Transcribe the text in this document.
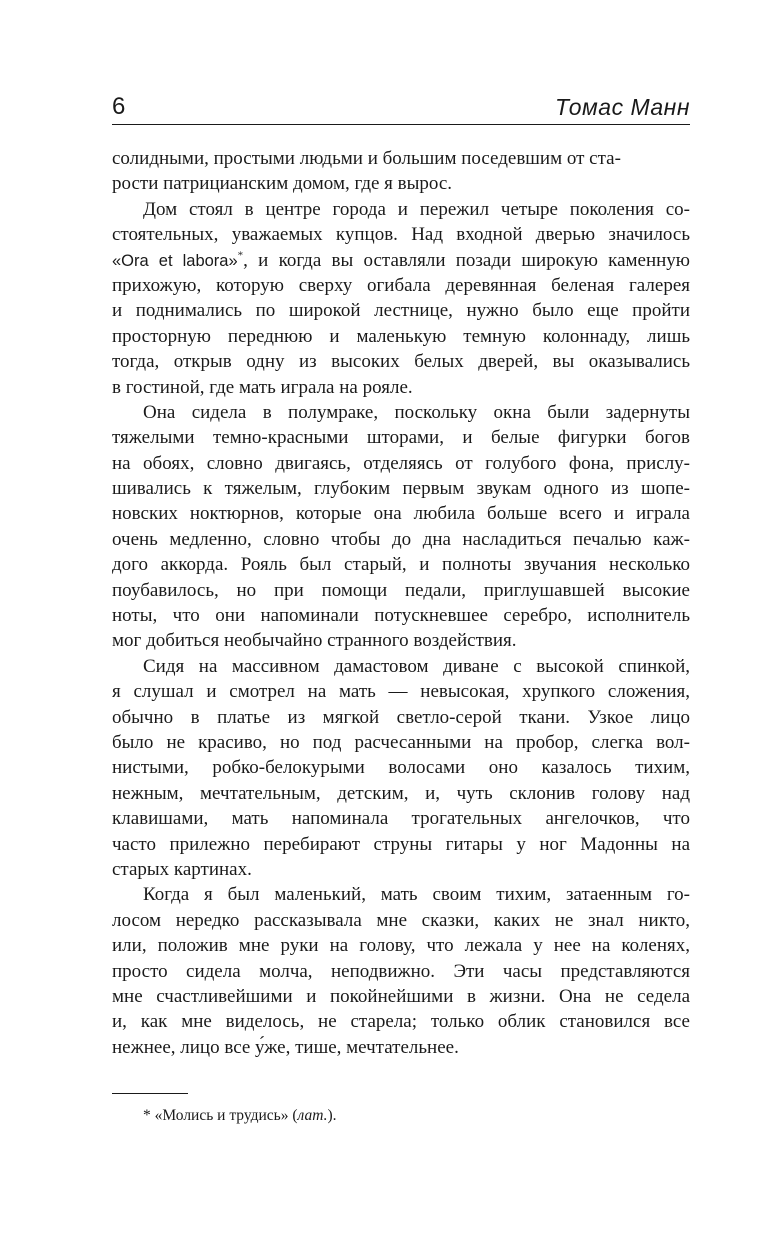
6	Томас Манн
солидными, простыми людьми и большим поседевшим от ста-
рости патрицианским домом, где я вырос.
Дом стоял в центре города и пережил четыре поколения со-
стоятельных, уважаемых купцов. Над входной дверью значилось
«Ora et labora»*, и когда вы оставляли позади широкую каменную
прихожую, которую сверху огибала деревянная беленая галерея
и поднимались по широкой лестнице, нужно было еще пройти
просторную переднюю и маленькую темную колоннаду, лишь
тогда, открыв одну из высоких белых дверей, вы оказывались
в гостиной, где мать играла на рояле.
Она сидела в полумраке, поскольку окна были задернуты
тяжелыми темно-красными шторами, и белые фигурки богов
на обоях, словно двигаясь, отделяясь от голубого фона, прислу-
шивались к тяжелым, глубоким первым звукам одного из шопе-
новских ноктюрнов, которые она любила больше всего и играла
очень медленно, словно чтобы до дна насладиться печалью каж-
дого аккорда. Рояль был старый, и полноты звучания несколько
поубавилось, но при помощи педали, приглушавшей высокие
ноты, что они напоминали потускневшее серебро, исполнитель
мог добиться необычайно странного воздействия.
Сидя на массивном дамастовом диване с высокой спинкой,
я слушал и смотрел на мать — невысокая, хрупкого сложения,
обычно в платье из мягкой светло-серой ткани. Узкое лицо
было не красиво, но под расчесанными на пробор, слегка вол-
нистыми, робко-белокурыми волосами оно казалось тихим,
нежным, мечтательным, детским, и, чуть склонив голову над
клавишами, мать напоминала трогательных ангелочков, что
часто прилежно перебирают струны гитары у ног Мадонны на
старых картинах.
Когда я был маленький, мать своим тихим, затаенным го-
лосом нередко рассказывала мне сказки, каких не знал никто,
или, положив мне руки на голову, что лежала у нее на коленях,
просто сидела молча, неподвижно. Эти часы представляются
мне счастливейшими и покойнейшими в жизни. Она не седела
и, как мне виделось, не старела; только облик становился все
нежнее, лицо все у́же, тише, мечтательнее.
* «Молись и трудись» (лат.).
